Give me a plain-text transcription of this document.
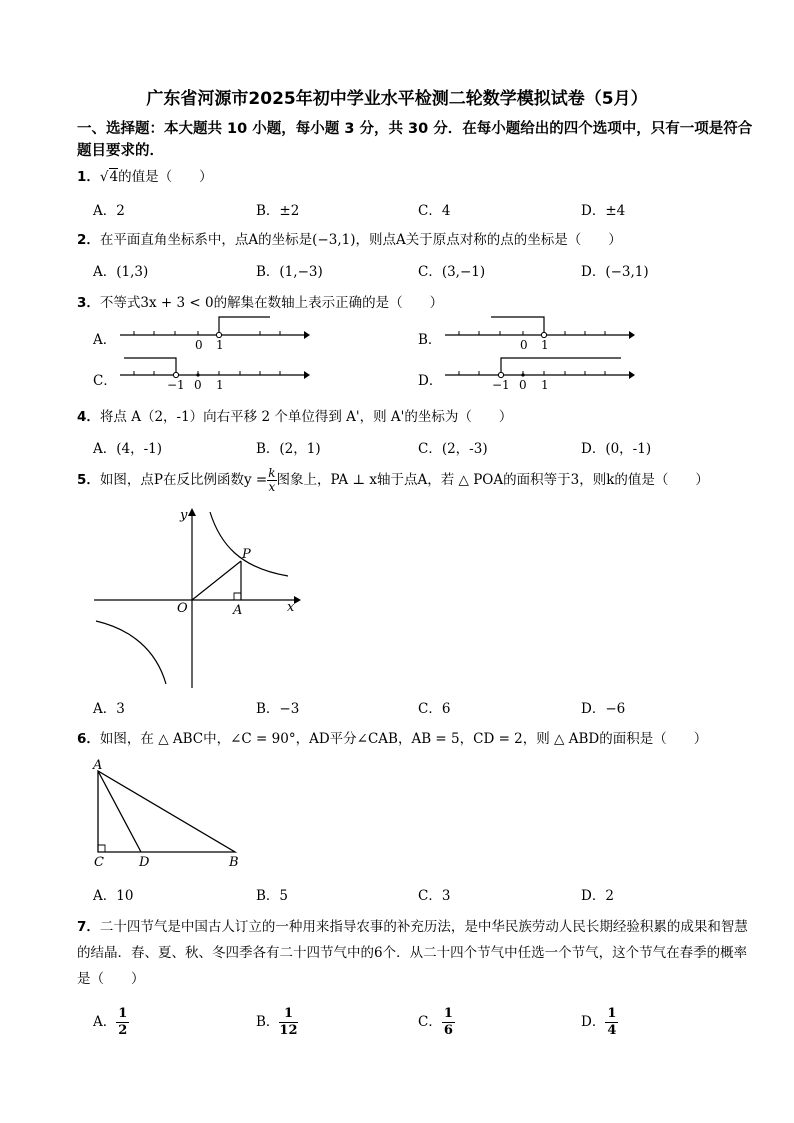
广东省河源市2025年初中学业水平检测二轮数学模拟试卷（5月）
一、选择题：本大题共 10 小题，每小题 3 分，共 30 分．在每小题给出的四个选项中，只有一项是符合题目要求的．
1．√4的值是（　　）
A．2	B．±2	C．4	D．±4
2．在平面直角坐标系中，点A的坐标是(−3,1)，则点A关于原点对称的点的坐标是（　　）
A．(1,3)	B．(1,−3)	C．(3,−1)	D．(−3,1)
3．不等式3x + 3 < 0的解集在数轴上表示正确的是（　　）
A．	B．
C．	D．
0 1	0 1
−1 0 1	−1 0 1
4．将点 A（2，-1）向右平移 2 个单位得到 A'，则 A'的坐标为（　　）
A．(4，-1)	B．(2，1)	C．(2，-3)	D．(0，-1)
5．如图，点P在反比例函数$y = \frac{k}{x}$ 图象上，PA ⊥ x轴于点A，若 △ POA的面积等于3，则k的值是（　　）
y
x
O
P
A
A．3	B．−3	C．6	D．−6
6．如图，在 △ ABC中，∠C = 90°，AD平分∠CAB，AB = 5，CD = 2，则 △ ABD的面积是（　　）
A
C	D	B
A．10	B．5	C．3	D．2
7．二十四节气是中国古人订立的一种用来指导农事的补充历法，是中华民族劳动人民长期经验积累的成果和智慧的结晶．春、夏、秋、冬四季各有二十四节气中的6个．从二十四个节气中任选一个节气，这个节气在春季的概率是（　　）
A． $\frac{1}{2}$	B． $\frac{1}{12}$	C． $\frac{1}{6}$	D． $\frac{1}{4}$
